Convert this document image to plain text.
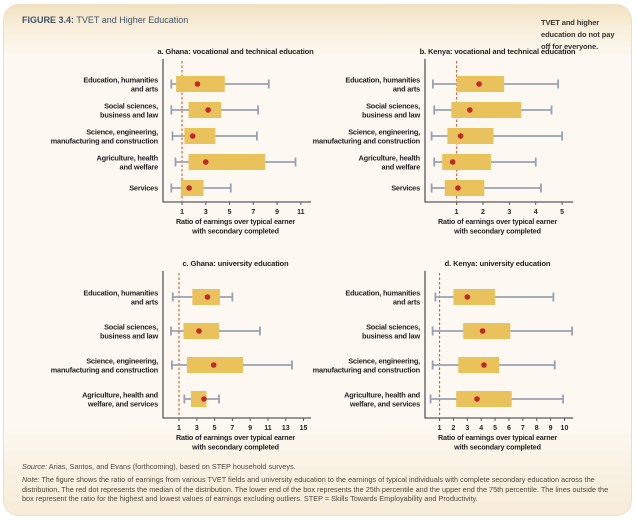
FIGURE 3.4: TVET and Higher Education	TVET and higher education do not pay off for everyone.
a. Ghana: vocational and technical education
Education, humanities
and arts
Social sciences,
business and law
Science, engineering,
manufacturing and construction
Agriculture, health
and welfare
Services
1	3	5	7	9	11
Ratio of earnings over typical earner
with secondary completed
b. Kenya: vocational and technical education
Education, humanities
and arts
Social sciences,
business and law
Science, engineering,
manufacturing and construction
Agriculture, health
and welfare
Services
1	2	3	4	5
Ratio of earnings over typical earner
with secondary completed
c. Ghana: university education
Education, humanities
and arts
Social sciences,
business and law
Science, engineering,
manufacturing and construction
Agriculture, health and
welfare, and services
1 3 5 7 9 11 13 15
Ratio of earnings over typical earner
with secondary completed
d. Kenya: university education
Education, humanities
and arts
Social sciences,
business and law
Science, engineering,
manufacturing and construction
Agriculture, health and
welfare, and services
1 2 3 4 5 6 7 8 9 10
Ratio of earnings over typical earner
with secondary completed

Source: Arias, Santos, and Evans (forthcoming), based on STEP household surveys.

Note: The figure shows the ratio of earnings from various TVET fields and university education to the earnings of typical individuals with complete secondary education across the distribution. The red dot represents the median of the distribution. The lower end of the box represents the 25th percentile and the upper end the 75th percentile. The lines outside the box represent the ratio for the highest and lowest values of earnings excluding outliers. STEP = Skills Towards Employability and Productivity.
